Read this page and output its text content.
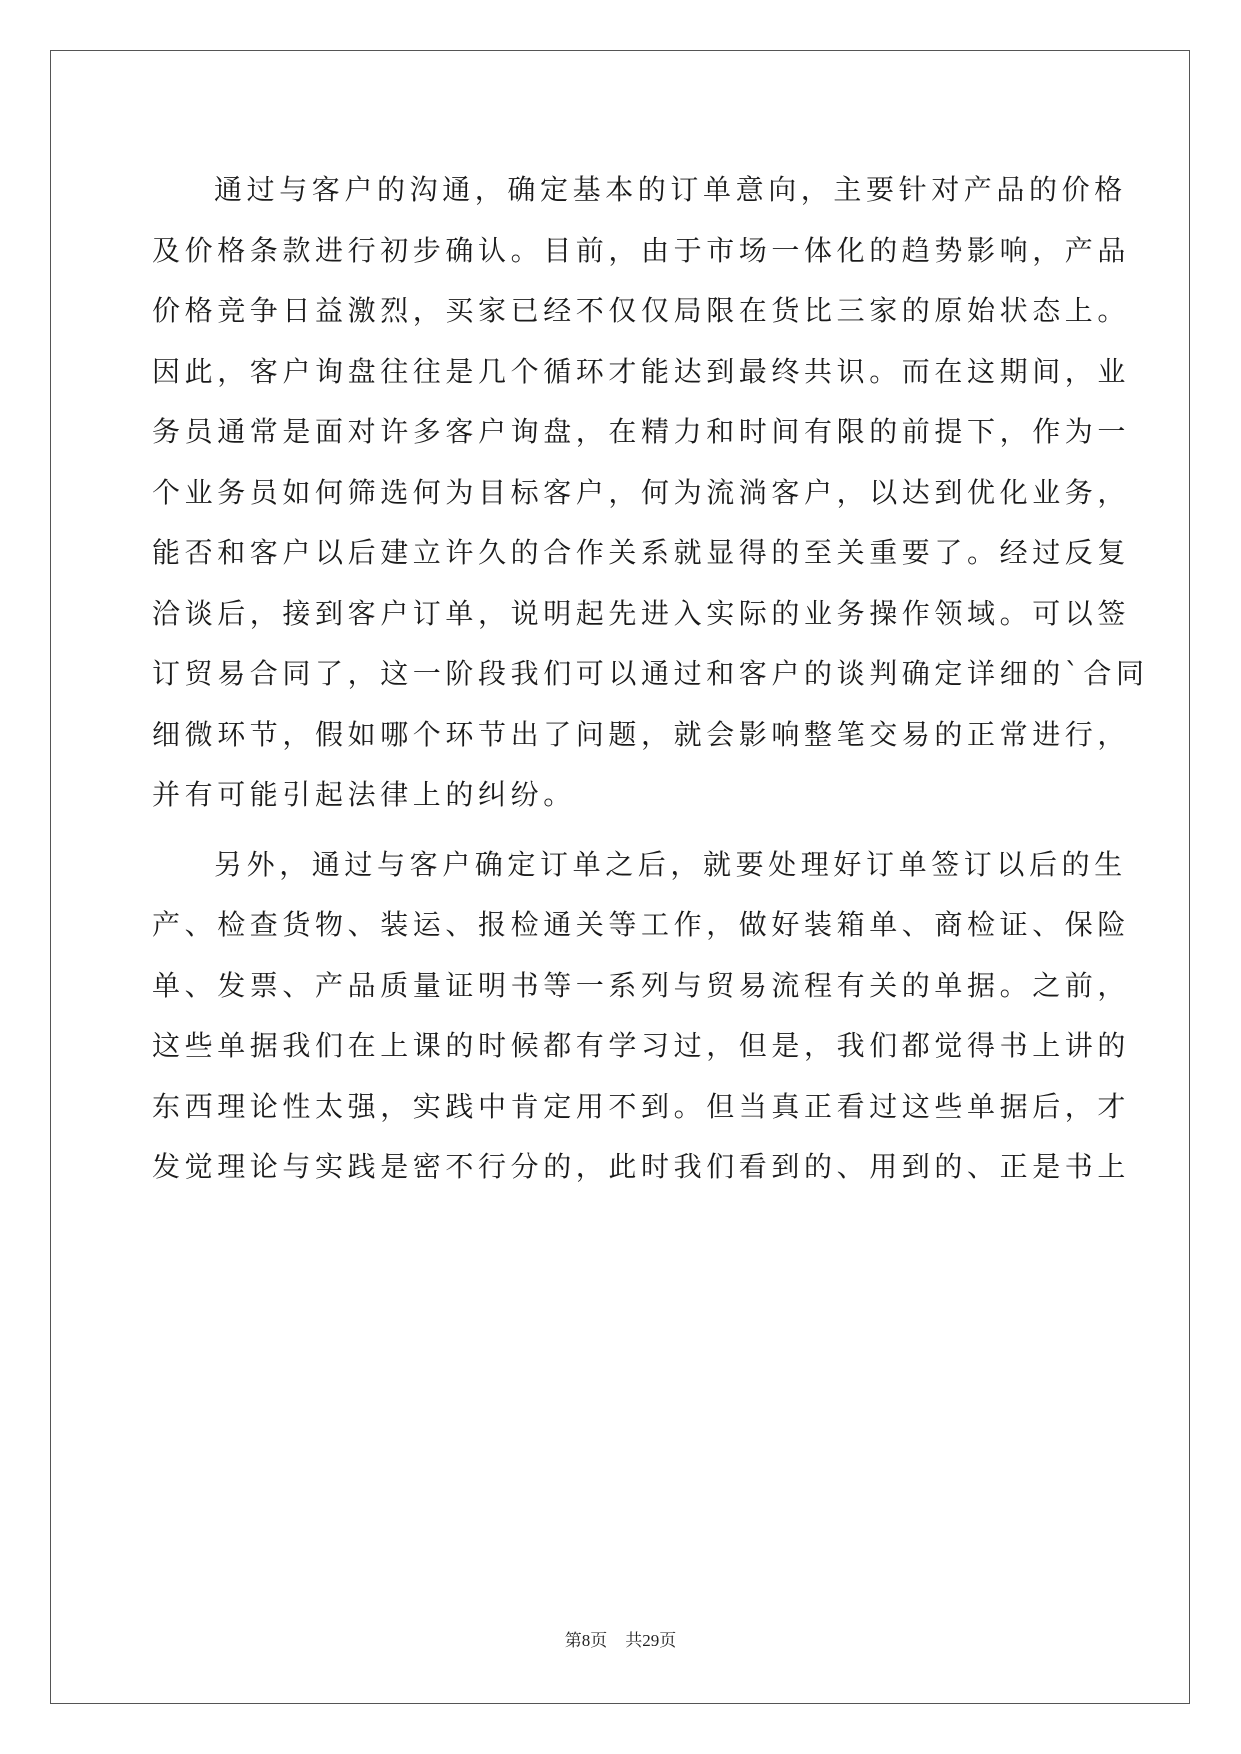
通过与客户的沟通，确定基本的订单意向，主要针对产品的价格
及价格条款进行初步确认。目前，由于市场一体化的趋势影响，产品
价格竞争日益激烈，买家已经不仅仅局限在货比三家的原始状态上。
因此，客户询盘往往是几个循环才能达到最终共识。而在这期间，业
务员通常是面对许多客户询盘，在精力和时间有限的前提下，作为一
个业务员如何筛选何为目标客户，何为流淌客户，以达到优化业务，
能否和客户以后建立许久的合作关系就显得的至关重要了。经过反复
洽谈后，接到客户订单，说明起先进入实际的业务操作领域。可以签
订贸易合同了，这一阶段我们可以通过和客户的谈判确定详细的`合同
细微环节，假如哪个环节出了问题，就会影响整笔交易的正常进行，
并有可能引起法律上的纠纷。
另外，通过与客户确定订单之后，就要处理好订单签订以后的生
产、检查货物、装运、报检通关等工作，做好装箱单、商检证、保险
单、发票、产品质量证明书等一系列与贸易流程有关的单据。之前，
这些单据我们在上课的时候都有学习过，但是，我们都觉得书上讲的
东西理论性太强，实践中肯定用不到。但当真正看过这些单据后，才
发觉理论与实践是密不行分的，此时我们看到的、用到的、正是书上
第8页 共29页
